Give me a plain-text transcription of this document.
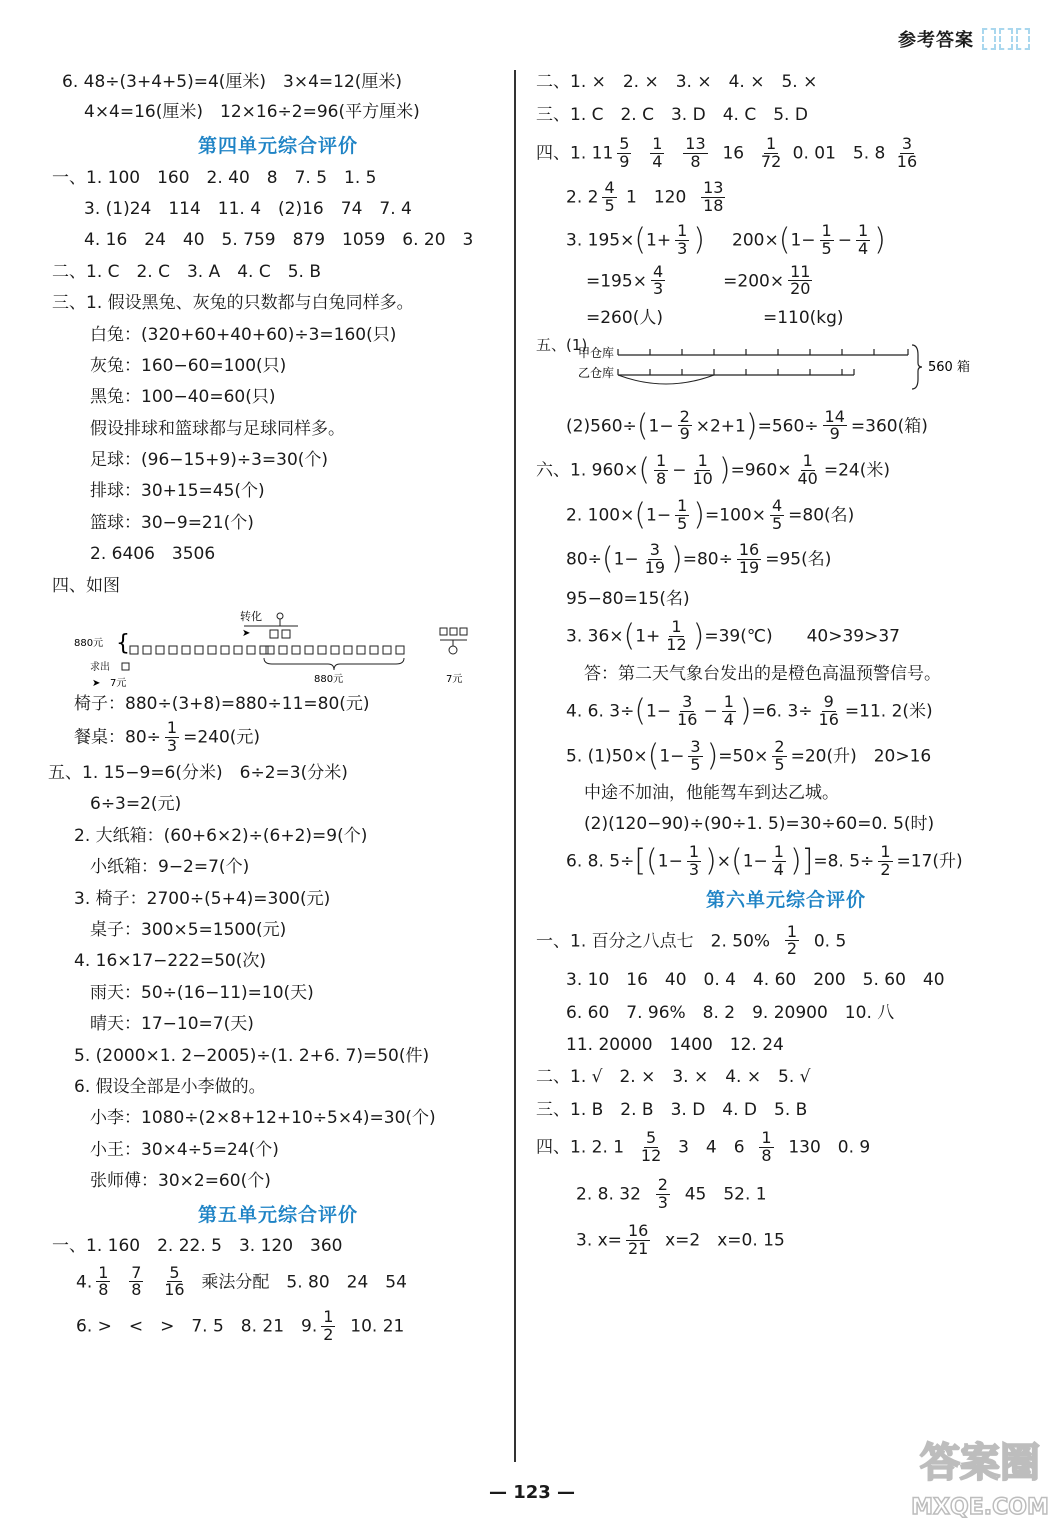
参考答案
6. 48÷(3+4+5)=4(厘米)　3×4=12(厘米)
4×4=16(厘米)　12×16÷2=96(平方厘米)
第四单元综合评价
一、1. 100　160　2. 40　8　7. 5　1. 5
3. (1)24　114　11. 4　(2)16　74　7. 4
4. 16　24　40　5. 759　879　1059　6. 20　3
二、1. C　2. C　3. A　4. C　5. B
三、1. 假设黑兔、灰兔的只数都与白兔同样多。
白兔：(320+60+40+60)÷3=160(只)
灰兔：160−60=100(只)
黑兔：100−40=60(只)
假设排球和篮球都与足球同样多。
足球：(96−15+9)÷3=30(个)
排球：30+15=45(个)
篮球：30−9=21(个)
2. 6406　3506
四、如图
880元 {
求出
➤ 7元
转化
➤
880元	7元
椅子：880÷(3+8)=880÷11=80(元)
餐桌：$80\div \frac{1}{3} =240$(元)
五、1. 15−9=6(分米)　6÷2=3(分米)
6÷3=2(元)
2. 大纸箱：(60+6×2)÷(6+2)=9(个)
小纸箱：9−2=7(个)
3. 椅子：2700÷(5+4)=300(元)
桌子：300×5=1500(元)
4. 16×17−222=50(次)
雨天：50÷(16−11)=10(天)
晴天：17−10=7(天)
5. (2000×1. 2−2005)÷(1. 2+6. 7)=50(件)
6. 假设全部是小李做的。
小李：1080÷(2×8+12+10÷5×4)=30(个)
小王：30×4÷5=24(个)
张师傅：30×2=60(个)
第五单元综合评价
一、1. 160　2. 22. 5　3. 120　360
4. $\frac{1}{8}$
$\frac{7}{8}$
$\frac{5}{16}$ 乘法分配　5. 80　24　54
6. >　<　>　7. 5　8. 21　9. $\frac{1}{2} 10$. 21
二、1. ×　2. ×　3. ×　4. ×　5. ×
三、1. C　2. C　3. D　4. C　5. D
四、1. $11 \frac{5}{9}$
$\frac{1}{4}$
$\frac{13}{8} 16 \frac{1}{72} 0$. 01　5. $8 \frac{3}{16}$
2. $2 \frac{4}{5} 1$　$120 \frac{13}{18}$
3. $195\times(1+ \frac{1}{3}$ ) $200\times(1- \frac{1}{5} - \frac{1}{4}$ )
$=195\times \frac{4}{3}$	$=200\times \frac{11}{20}$
=260(人)	=110(kg)
五、(1)
甲仓库
乙仓库	560 箱
$(2)560\div(1- \frac{2}{9} \times 2+1)=560\div \frac{14}{9} =360$(箱)
六、1. $960\times( \frac{1}{8} - \frac{1}{10} )=960\times \frac{1}{40} =24$(米)
2. $100\times(1- \frac{1}{5} )=100\times \frac{4}{5} =80$(名)
$80\div(1- \frac{3}{19} )=80\div \frac{16}{19} =95$(名)
95−80=15(名)
3. $36\times(1+ \frac{1}{12}$ )=39(℃)　　40>39>37
答：第二天气象台发出的是橙色高温预警信号。
4. 6. $3\div(1- \frac{3}{16} - \frac{1}{4} )=6$. $3\div \frac{9}{16} =11$. 2(米)
5. $(1)50\times(1- \frac{3}{5} )=50\times \frac{2}{5} =20$(升)　20>16
中途不加油，他能驾车到达乙城。
(2)(120−90)÷(90÷1. 5)=30÷60=0. 5(时)
6. 8. $5\div[(1- \frac{1}{3} )\times(1- \frac{1}{4} )]=8$. $5\div \frac{1}{2} =17$(升)
第六单元综合评价
一、1. 百分之八点七　2. $50\% \frac{1}{2} 0$. 5
3. 10　16　40　0. 4　4. 60　200　5. 60　40
6. 60　7. 96%　8. 2　9. 20900　10. 八
11. 20000　1400　12. 24
二、1. √　2. ×　3. ×　4. ×　5. √
三、1. B　2. B　3. D　4. D　5. B
四、1. 2. $1 \frac{5}{12} 3$　4　$6 \frac{1}{8} 130$　0. 9
2. 8. $32 \frac{2}{3} 45$　52. 1
3. $x= \frac{16}{21} x=2$　x=0. 15
— 123 —
答案圈
MXQE.COM
